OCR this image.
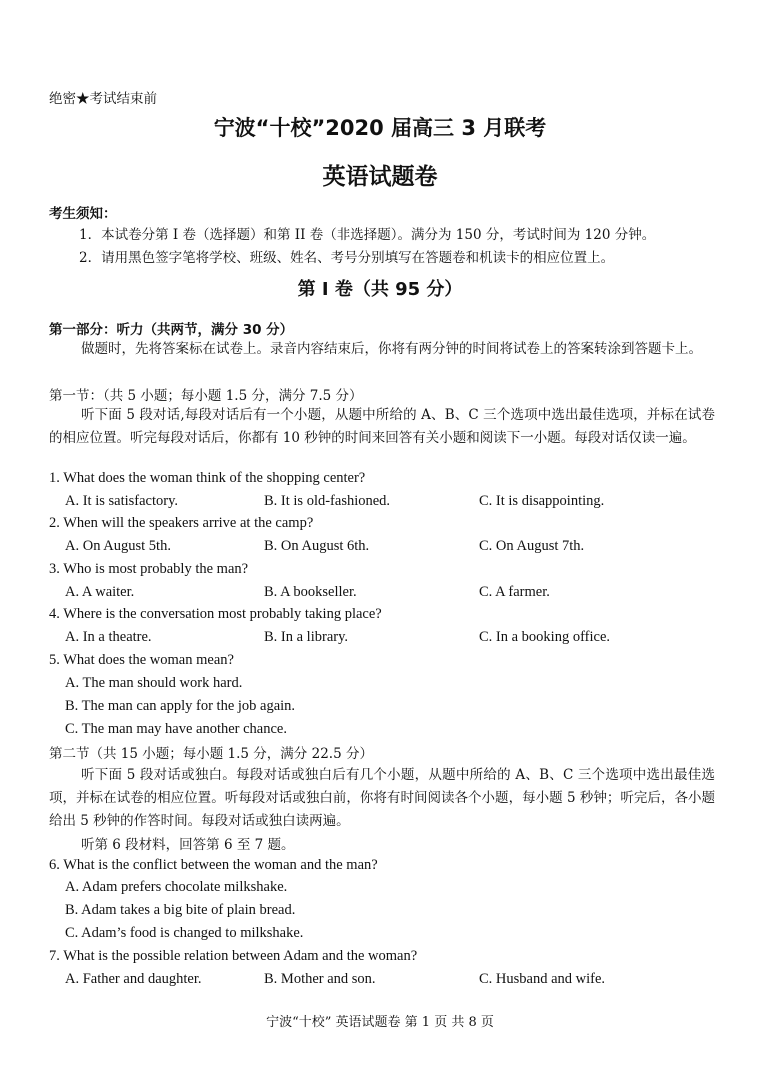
绝密★考试结束前
宁波“十校”2020 届高三 3 月联考
英语试题卷
考生须知：
1．本试卷分第 I 卷（选择题）和第 II 卷（非选择题）。满分为 150 分，考试时间为 120 分钟。
2．请用黑色签字笔将学校、班级、姓名、考号分别填写在答题卷和机读卡的相应位置上。
第 I 卷（共 95 分）
第一部分：听力（共两节，满分 30 分）
做题时，先将答案标在试卷上。录音内容结束后，你将有两分钟的时间将试卷上的答案转涂到答题卡上。
第一节：（共 5 小题；每小题 1.5 分，满分 7.5 分）
听下面 5 段对话,每段对话后有一个小题，从题中所给的 A、B、C 三个选项中选出最佳选项，并标在试卷的相应位置。听完每段对话后，你都有 10 秒钟的时间来回答有关小题和阅读下一小题。每段对话仅读一遍。
1. What does the woman think of the shopping center?
A. It is satisfactory.	B. It is old-fashioned.	C. It is disappointing.
2. When will the speakers arrive at the camp?
A. On August 5th.	B. On August 6th.	C. On August 7th.
3. Who is most probably the man?
A. A waiter.	B. A bookseller.	C. A farmer.
4. Where is the conversation most probably taking place?
A. In a theatre.	B. In a library.	C. In a booking office.
5. What does the woman mean?
A. The man should work hard.
B. The man can apply for the job again.
C. The man may have another chance.
第二节（共 15 小题；每小题 1.5 分，满分 22.5 分）
听下面 5 段对话或独白。每段对话或独白后有几个小题，从题中所给的 A、B、C 三个选项中选出最佳选项，并标在试卷的相应位置。听每段对话或独白前，你将有时间阅读各个小题，每小题 5 秒钟；听完后，各小题给出 5 秒钟的作答时间。每段对话或独白读两遍。
听第 6 段材料，回答第 6 至 7 题。
6. What is the conflict between the woman and the man?
A. Adam prefers chocolate milkshake.
B. Adam takes a big bite of plain bread.
C. Adam’s food is changed to milkshake.
7. What is the possible relation between Adam and the woman?
A. Father and daughter.	B. Mother and son.	C. Husband and wife.
宁波“十校” 英语试题卷 第 1 页 共 8 页
